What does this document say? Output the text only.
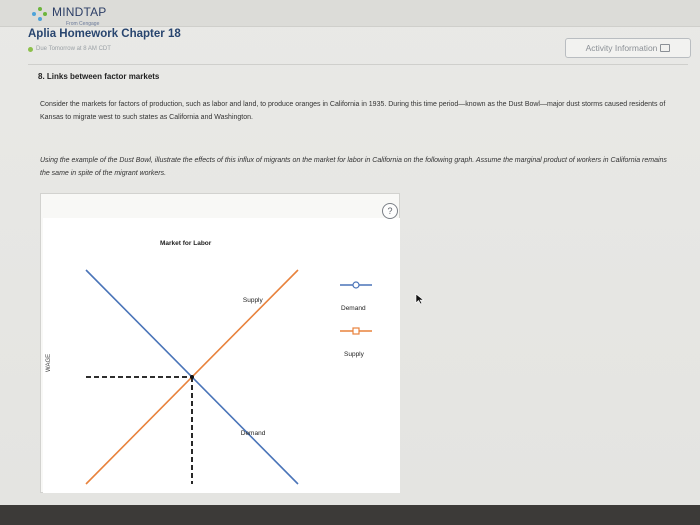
MINDTAP
From Cengage
Aplia Homework Chapter 18
Due Tomorrow at 8 AM CDT	Activity Information
8. Links between factor markets
Consider the markets for factors of production, such as labor and land, to produce oranges in California in 1935. During this time period—known as the Dust Bowl—major dust storms caused residents of Kansas to migrate west to such states as California and Washington.
Using the example of the Dust Bowl, illustrate the effects of this influx of migrants on the market for labor in California on the following graph. Assume the marginal product of workers in California remains the same in spite of the migrant workers.
?
Market for Labor
WAGE
Supply
Demand
Demand
Supply
